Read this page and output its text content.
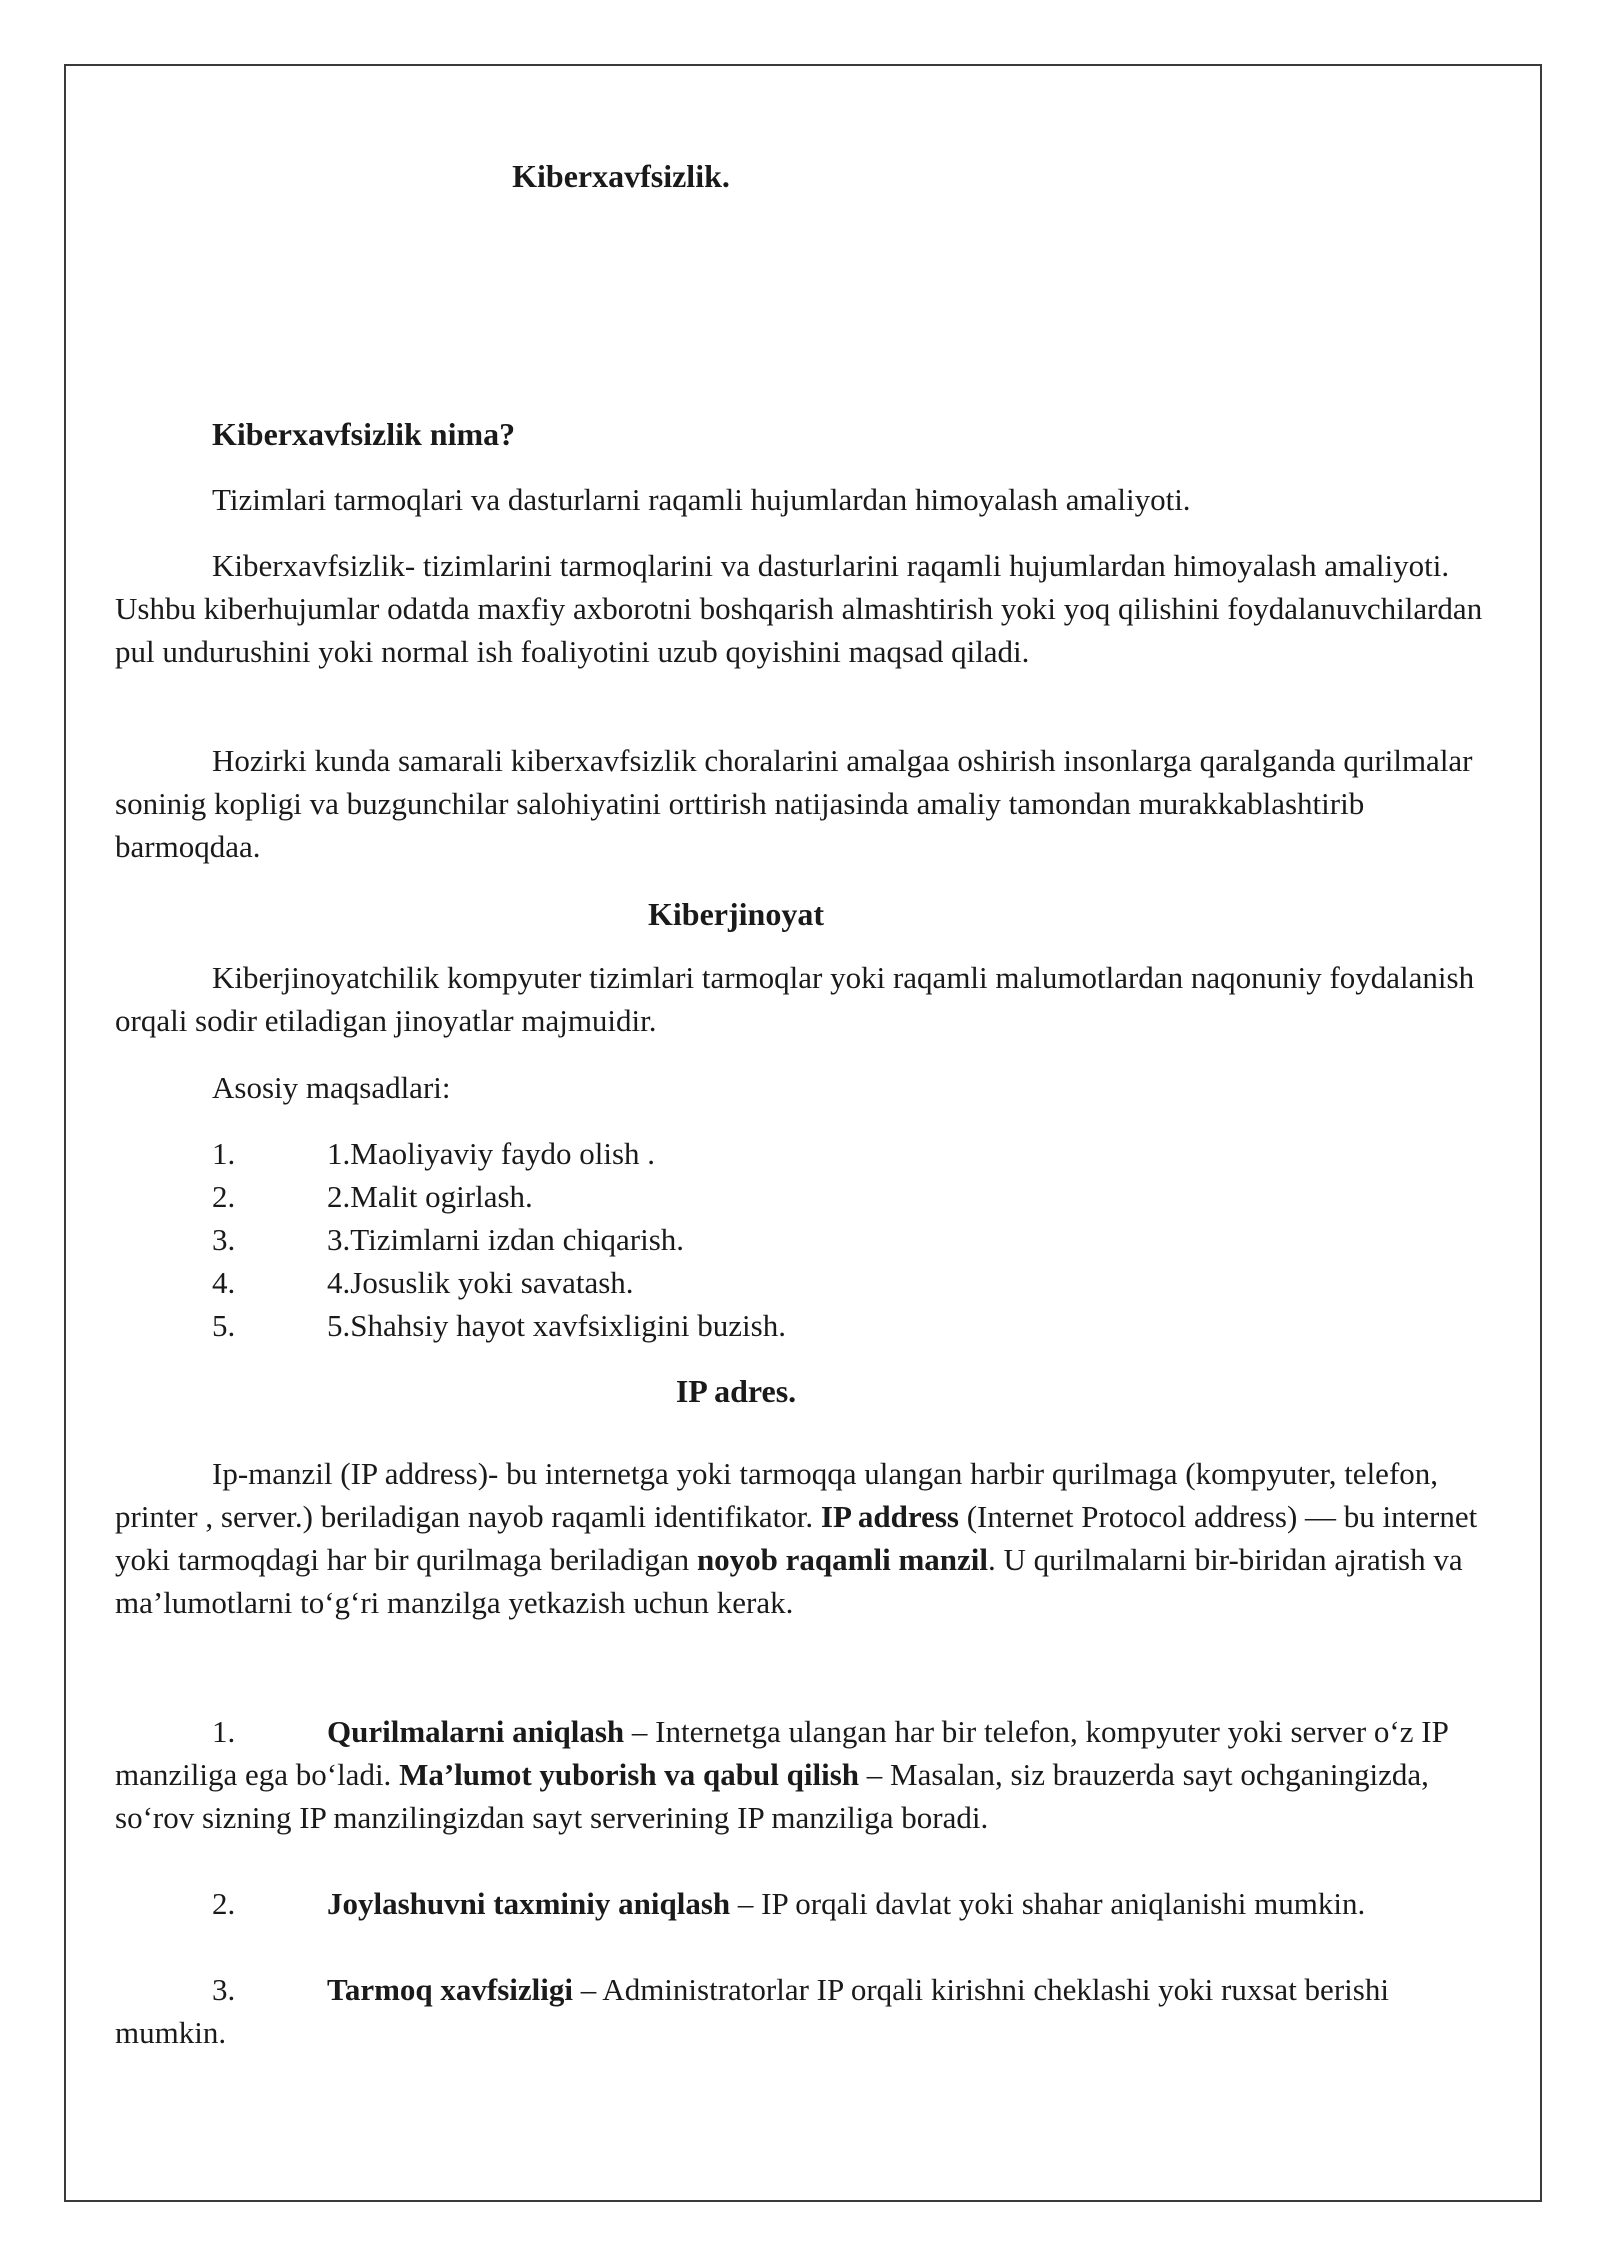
Kiberxavfsizlik.
Kiberxavfsizlik nima?
Tizimlari tarmoqlari va dasturlarni raqamli hujumlardan himoyalash amaliyoti.

Kiberxavfsizlik- tizimlarini tarmoqlarini va dasturlarini raqamli hujumlardan himoyalash amaliyoti. Ushbu kiberhujumlar odatda maxfiy axborotni boshqarish almashtirish yoki yoq qilishini foydalanuvchilardan pul undurushini yoki normal ish foaliyotini uzub qoyishini maqsad qiladi.

Hozirki kunda samarali kiberxavfsizlik choralarini amalgaa oshirish insonlarga qaralganda qurilmalar soninig kopligi va buzgunchilar salohiyatini orttirish natijasinda amaliy tamondan murakkablashtirib barmoqdaa.

Kiberjinoyat

Kiberjinoyatchilik kompyuter tizimlari tarmoqlar yoki raqamli malumotlardan naqonuniy foydalanish orqali sodir etiladigan jinoyatlar majmuidir.

Asosiy maqsadlari:
1.	1.Maoliyaviy faydo olish .
2.	2.Malit ogirlash.
3.	3.Tizimlarni izdan chiqarish.
4.	4.Josuslik yoki savatash.
5.	5.Shahsiy hayot xavfsixligini buzish.
IP adres.

Ip-manzil (IP address)- bu internetga yoki tarmoqqa ulangan harbir qurilmaga (kompyuter, telefon, printer , server.) beriladigan nayob raqamli identifikator. IP address (Internet Protocol address) — bu internet yoki tarmoqdagi har bir qurilmaga beriladigan noyob raqamli manzil. U qurilmalarni bir-biridan ajratish va ma’lumotlarni to‘g‘ri manzilga yetkazish uchun kerak.

1.	Qurilmalarni aniqlash – Internetga ulangan har bir telefon, kompyuter yoki server o‘z IP manziliga ega bo‘ladi. Ma’lumot yuborish va qabul qilish – Masalan, siz brauzerda sayt ochganingizda, so‘rov sizning IP manzilingizdan sayt serverining IP manziliga boradi.

2.	Joylashuvni taxminiy aniqlash – IP orqali davlat yoki shahar aniqlanishi mumkin.

3.	Tarmoq xavfsizligi – Administratorlar IP orqali kirishni cheklashi yoki ruxsat berishi mumkin.
